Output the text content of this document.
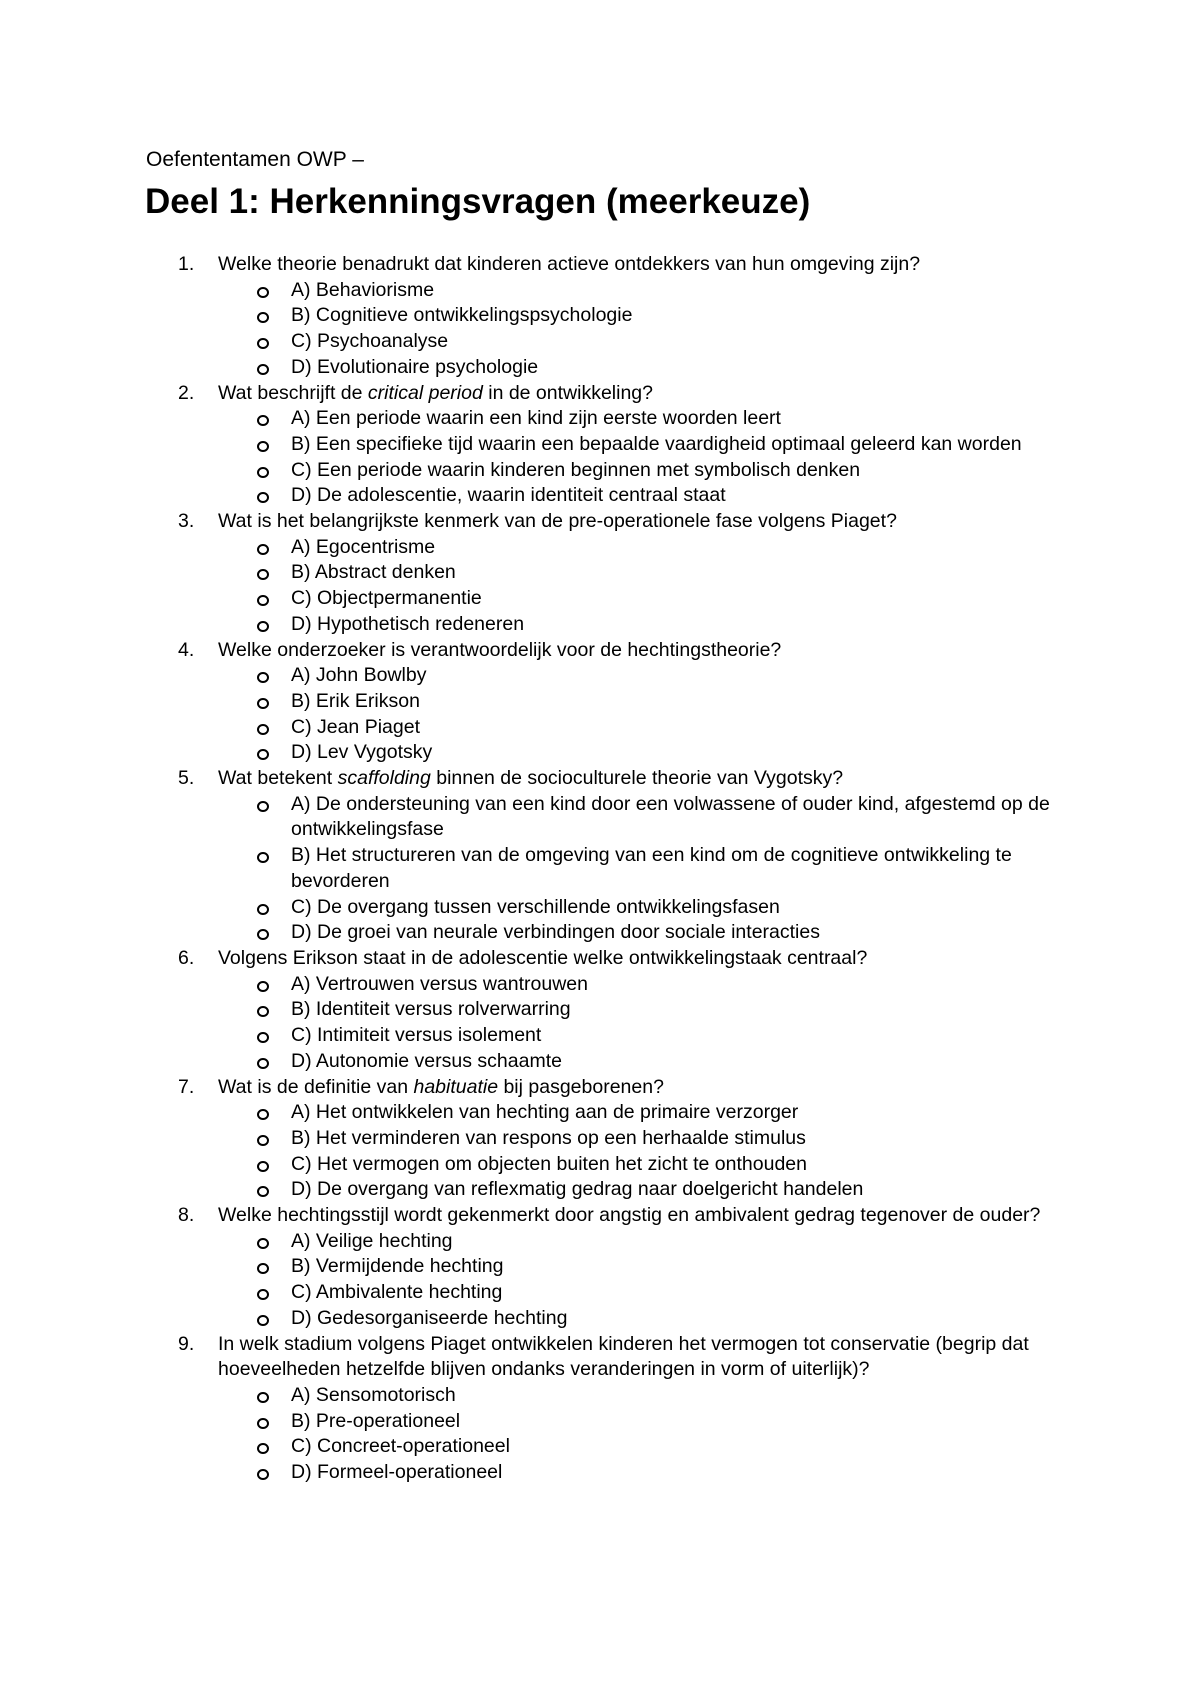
Oefententamen OWP –
Deel 1: Herkenningsvragen (meerkeuze)
1.	Welke theorie benadrukt dat kinderen actieve ontdekkers van hun omgeving zijn?
A) Behaviorisme
B) Cognitieve ontwikkelingspsychologie
C) Psychoanalyse
D) Evolutionaire psychologie
2.	Wat beschrijft de critical period in de ontwikkeling?
A) Een periode waarin een kind zijn eerste woorden leert
B) Een specifieke tijd waarin een bepaalde vaardigheid optimaal geleerd kan worden
C) Een periode waarin kinderen beginnen met symbolisch denken
D) De adolescentie, waarin identiteit centraal staat
3.	Wat is het belangrijkste kenmerk van de pre-operationele fase volgens Piaget?
A) Egocentrisme
B) Abstract denken
C) Objectpermanentie
D) Hypothetisch redeneren
4.	Welke onderzoeker is verantwoordelijk voor de hechtingstheorie?
A) John Bowlby
B) Erik Erikson
C) Jean Piaget
D) Lev Vygotsky
5.	Wat betekent scaffolding binnen de socioculturele theorie van Vygotsky?
A) De ondersteuning van een kind door een volwassene of ouder kind, afgestemd op de ontwikkelingsfase
B) Het structureren van de omgeving van een kind om de cognitieve ontwikkeling te bevorderen
C) De overgang tussen verschillende ontwikkelingsfasen
D) De groei van neurale verbindingen door sociale interacties
6.	Volgens Erikson staat in de adolescentie welke ontwikkelingstaak centraal?
A) Vertrouwen versus wantrouwen
B) Identiteit versus rolverwarring
C) Intimiteit versus isolement
D) Autonomie versus schaamte
7.	Wat is de definitie van habituatie bij pasgeborenen?
A) Het ontwikkelen van hechting aan de primaire verzorger
B) Het verminderen van respons op een herhaalde stimulus
C) Het vermogen om objecten buiten het zicht te onthouden
D) De overgang van reflexmatig gedrag naar doelgericht handelen
8.	Welke hechtingsstijl wordt gekenmerkt door angstig en ambivalent gedrag tegenover de ouder?
A) Veilige hechting
B) Vermijdende hechting
C) Ambivalente hechting
D) Gedesorganiseerde hechting
9.	In welk stadium volgens Piaget ontwikkelen kinderen het vermogen tot conservatie (begrip dat hoeveelheden hetzelfde blijven ondanks veranderingen in vorm of uiterlijk)?
A) Sensomotorisch
B) Pre-operationeel
C) Concreet-operationeel
D) Formeel-operationeel
